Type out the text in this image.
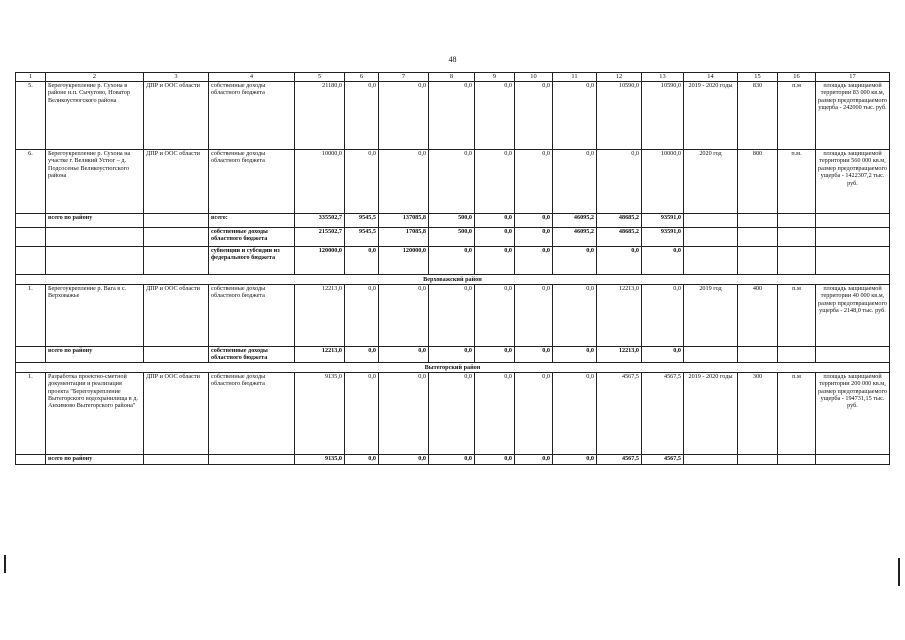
48
1	2	3	4	5	6	7	8	9	10	11	12	13	14	15	16	17
5.	Берегоукрепление р. Сухона в районе н.п. Сычугово, Новатор Великоустюгского района	ДПР и ООС области	собственные доходы областного бюджета	21180,0	0,0	0,0	0,0	0,0	0,0	0,0	10590,0	10590,0	2019 - 2020 годы	830	п.м	площадь защищаемой территории 83 000 кв.м, размер предотвращаемого ущерба - 242000 тыс. руб.
6.	Берегоукрепление р. Сухона на участке г. Великий Устюг – д. Подсосенье Великоустюгского района	ДПР и ООС области	собственные доходы областного бюджета	10000,0	0,0	0,0	0,0	0,0	0,0	0,0	0,0	10000,0	2020 год	800	п.м.	площадь защищаемой территории 560 000 кв.м, размер предотвращаемого ущерба - 1422307,2 тыс. руб.
	всего по району		всего:	335502,7	9545,5	137085,8	500,0	0,0	0,0	46095,2	48685,2	93591,0				
			собственные доходы областного бюджета	215502,7	9545,5	17085,8	500,0	0,0	0,0	46095,2	48685,2	93591,0				
			субвенции и субсидии из федерального бюджета	120000,0	0,0	120000,0	0,0	0,0	0,0	0,0	0,0	0,0				
Верховажский район																
1.	Берегоукрепление р. Вага в с. Верховажье	ДПР и ООС области	собственные доходы областного бюджета	12213,0	0,0	0,0	0,0	0,0	0,0	0,0	12213,0	0,0	2019 год	400	п.м	площадь защищаемой территории 40 000 кв.м, размер предотвращаемого ущерба - 2148,0 тыс. руб.
	всего по району		собственные доходы областного бюджета	12213,0	0,0	0,0	0,0	0,0	0,0	0,0	12213,0	0,0				
Вытегорский район																
1.	Разработка проектно-сметной документации и реализация проекта "Берегоукрепление Вытегорского водохранилища в д. Анхимово Вытегорского района"	ДПР и ООС области	собственные доходы областного бюджета	9135,0	0,0	0,0	0,0	0,0	0,0	0,0	4567,5	4567,5	2019 - 2020 годы	300	п.м	площадь защищаемой территории 200 000 кв.м, размер предотвращаемого ущерба - 194731,15 тыс. руб.
	всего по району			9135,0	0,0	0,0	0,0	0,0	0,0	0,0	4567,5	4567,5				
